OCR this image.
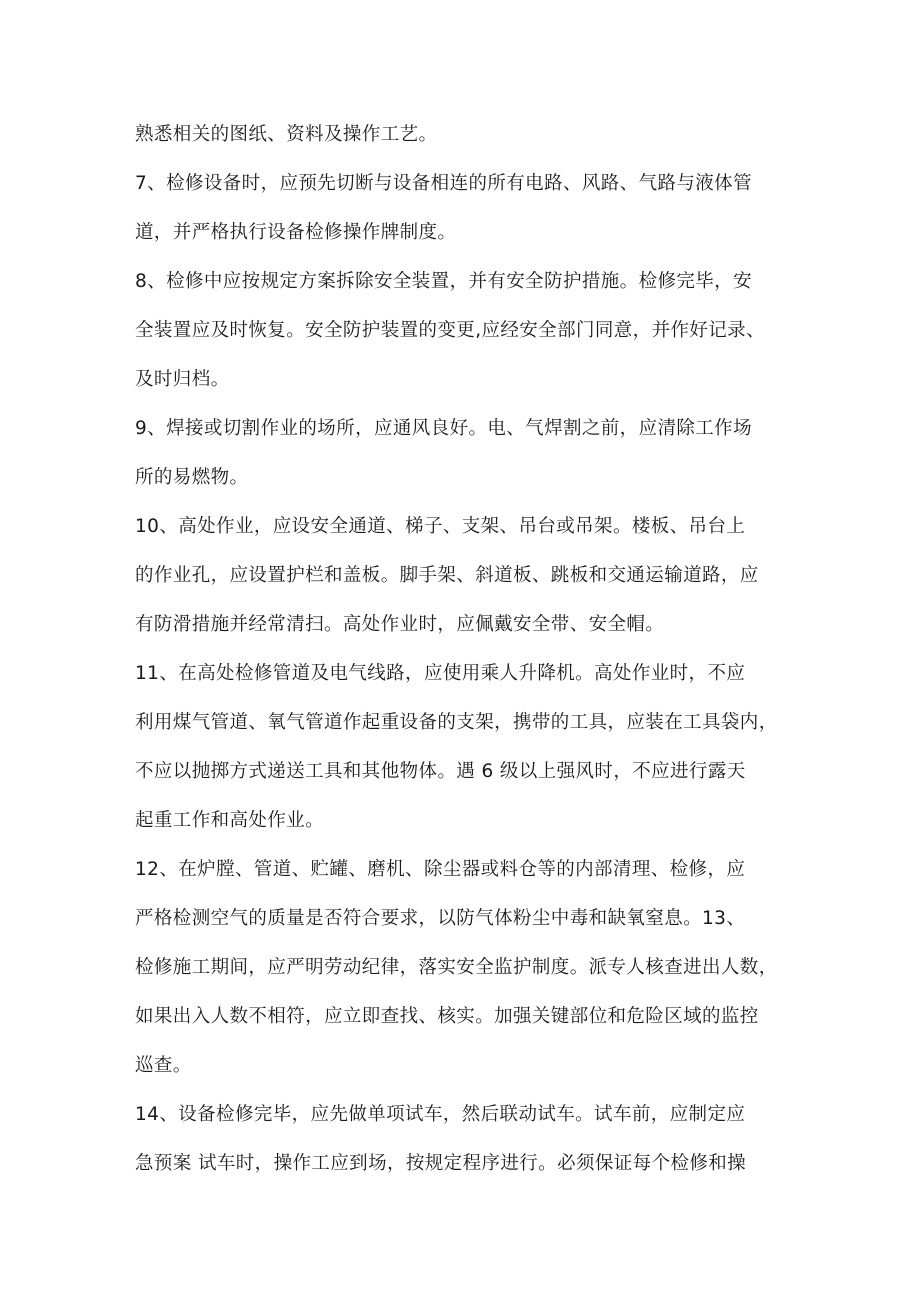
熟悉相关的图纸、资料及操作工艺。
7、检修设备时，应预先切断与设备相连的所有电路、风路、气路与液体管
道，并严格执行设备检修操作牌制度。
8、检修中应按规定方案拆除安全装置，并有安全防护措施。检修完毕，安
全装置应及时恢复。安全防护装置的变更,应经安全部门同意，并作好记录、
及时归档。
9、焊接或切割作业的场所，应通风良好。电、气焊割之前，应清除工作场
所的易燃物。
10、高处作业，应设安全通道、梯子、支架、吊台或吊架。楼板、吊台上
的作业孔，应设置护栏和盖板。脚手架、斜道板、跳板和交通运输道路，应
有防滑措施并经常清扫。高处作业时，应佩戴安全带、安全帽。
11、在高处检修管道及电气线路，应使用乘人升降机。高处作业时，不应
利用煤气管道、氧气管道作起重设备的支架，携带的工具，应装在工具袋内，
不应以抛掷方式递送工具和其他物体。遇 6 级以上强风时，不应进行露天
起重工作和高处作业。
12、在炉膛、管道、贮罐、磨机、除尘器或料仓等的内部清理、检修，应
严格检测空气的质量是否符合要求，以防气体粉尘中毒和缺氧窒息。13、
检修施工期间，应严明劳动纪律，落实安全监护制度。派专人核查进出人数，
如果出入人数不相符，应立即查找、核实。加强关键部位和危险区域的监控
巡查。
14、设备检修完毕，应先做单项试车，然后联动试车。试车前，应制定应
急预案 试车时，操作工应到场，按规定程序进行。必须保证每个检修和操
